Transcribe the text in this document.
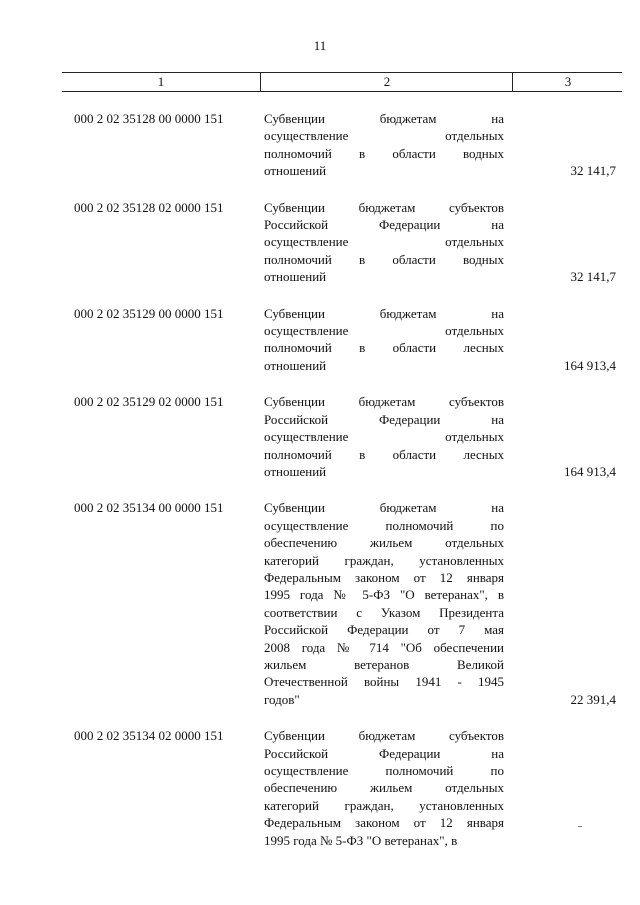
11
1	2	3
000 2 02 35128 00 0000 151	Субвенции бюджетам на
осуществление отдельных
полномочий в области водных
отношений	32 141,7
000 2 02 35128 02 0000 151	Субвенции бюджетам субъектов
Российской Федерации на
осуществление отдельных
полномочий в области водных
отношений	32 141,7
000 2 02 35129 00 0000 151	Субвенции бюджетам на
осуществление отдельных
полномочий в области лесных
отношений	164 913,4
000 2 02 35129 02 0000 151	Субвенции бюджетам субъектов
Российской Федерации на
осуществление отдельных
полномочий в области лесных
отношений	164 913,4
000 2 02 35134 00 0000 151	Субвенции бюджетам на
осуществление полномочий по
обеспечению жильем отдельных
категорий граждан, установленных
Федеральным законом от 12 января
1995 года № 5-ФЗ "О ветеранах", в
соответствии с Указом Президента
Российской Федерации от 7 мая
2008 года № 714 "Об обеспечении
жильем ветеранов Великой
Отечественной войны 1941 - 1945
годов"	22 391,4
000 2 02 35134 02 0000 151	Субвенции бюджетам субъектов
Российской Федерации на
осуществление полномочий по
обеспечению жильем отдельных
категорий граждан, установленных
Федеральным законом от 12 января
1995 года № 5-ФЗ "О ветеранах", в
